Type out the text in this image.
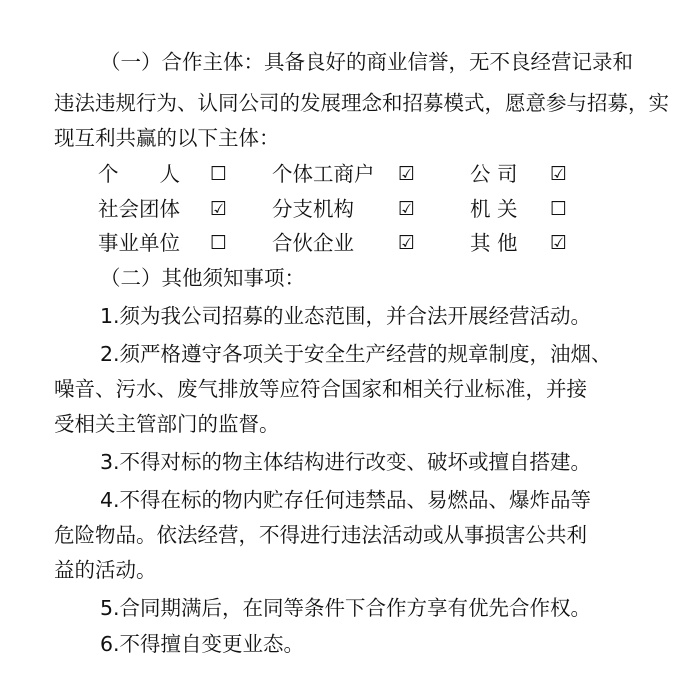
（一）合作主体：具备良好的商业信誉，无不良经营记录和
违法违规行为、认同公司的发展理念和招募模式，愿意参与招募，实
现互利共赢的以下主体：
个　　人 ☐ 个体工商户 ☑	公 司 ☑
社会团体 ☑ 分支机构 ☑	机 关 ☐
事业单位 ☐ 合伙企业 ☑	其 他 ☑
（二）其他须知事项：
1.须为我公司招募的业态范围，并合法开展经营活动。
2.须严格遵守各项关于安全生产经营的规章制度，油烟、
噪音、污水、废气排放等应符合国家和相关行业标准，并接
受相关主管部门的监督。
3.不得对标的物主体结构进行改变、破坏或擅自搭建。
4.不得在标的物内贮存任何违禁品、易燃品、爆炸品等
危险物品。依法经营，不得进行违法活动或从事损害公共利
益的活动。
5.合同期满后，在同等条件下合作方享有优先合作权。
6.不得擅自变更业态。
